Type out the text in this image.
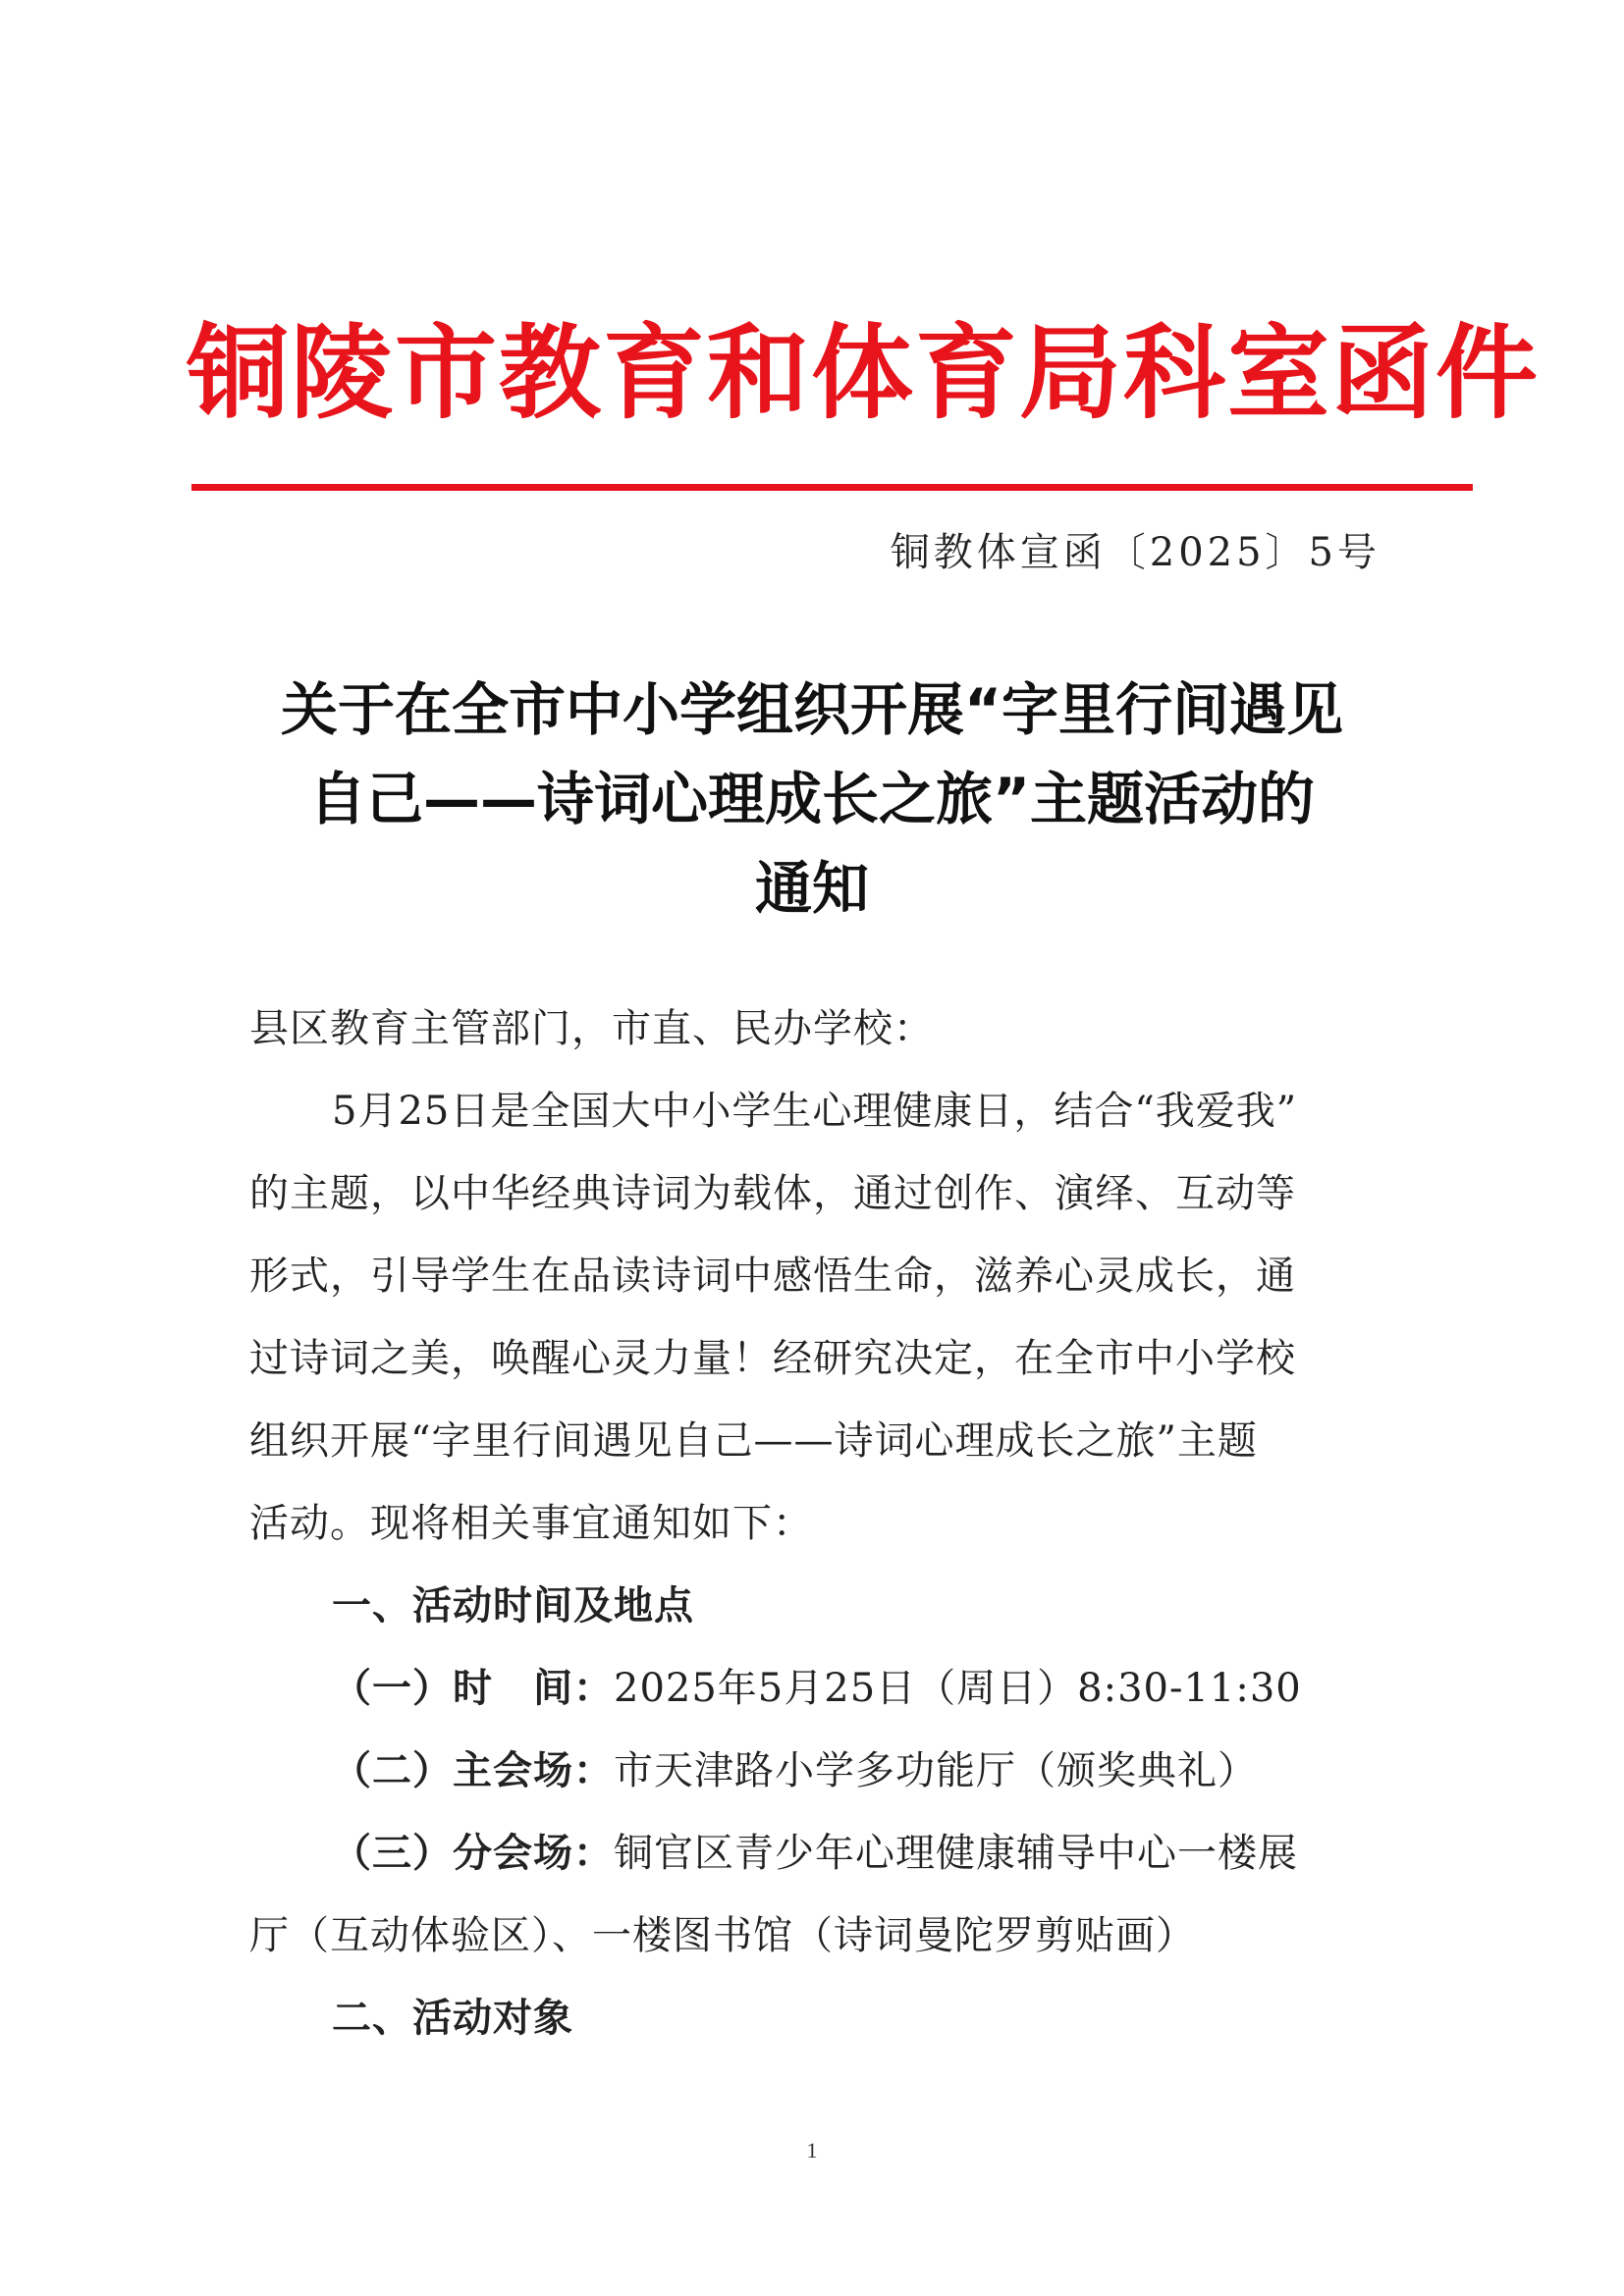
铜陵市教育和体育局科室函件
铜教体宣函〔2025〕5号
关于在全市中小学组织开展“字里行间遇见
自己——诗词心理成长之旅”主题活动的
通知
县区教育主管部门，市直、民办学校：
5月25日是全国大中小学生心理健康日，结合“我爱我”
的主题，以中华经典诗词为载体，通过创作、演绎、互动等
形式，引导学生在品读诗词中感悟生命，滋养心灵成长，通
过诗词之美，唤醒心灵力量！经研究决定，在全市中小学校
组织开展“字里行间遇见自己——诗词心理成长之旅”主题
活动。现将相关事宜通知如下：
一、活动时间及地点
（一）时　间：2025年5月25日（周日）8:30-11:30
（二）主会场：市天津路小学多功能厅（颁奖典礼）
（三）分会场：铜官区青少年心理健康辅导中心一楼展
厅（互动体验区）、一楼图书馆（诗词曼陀罗剪贴画）
二、活动对象
1
